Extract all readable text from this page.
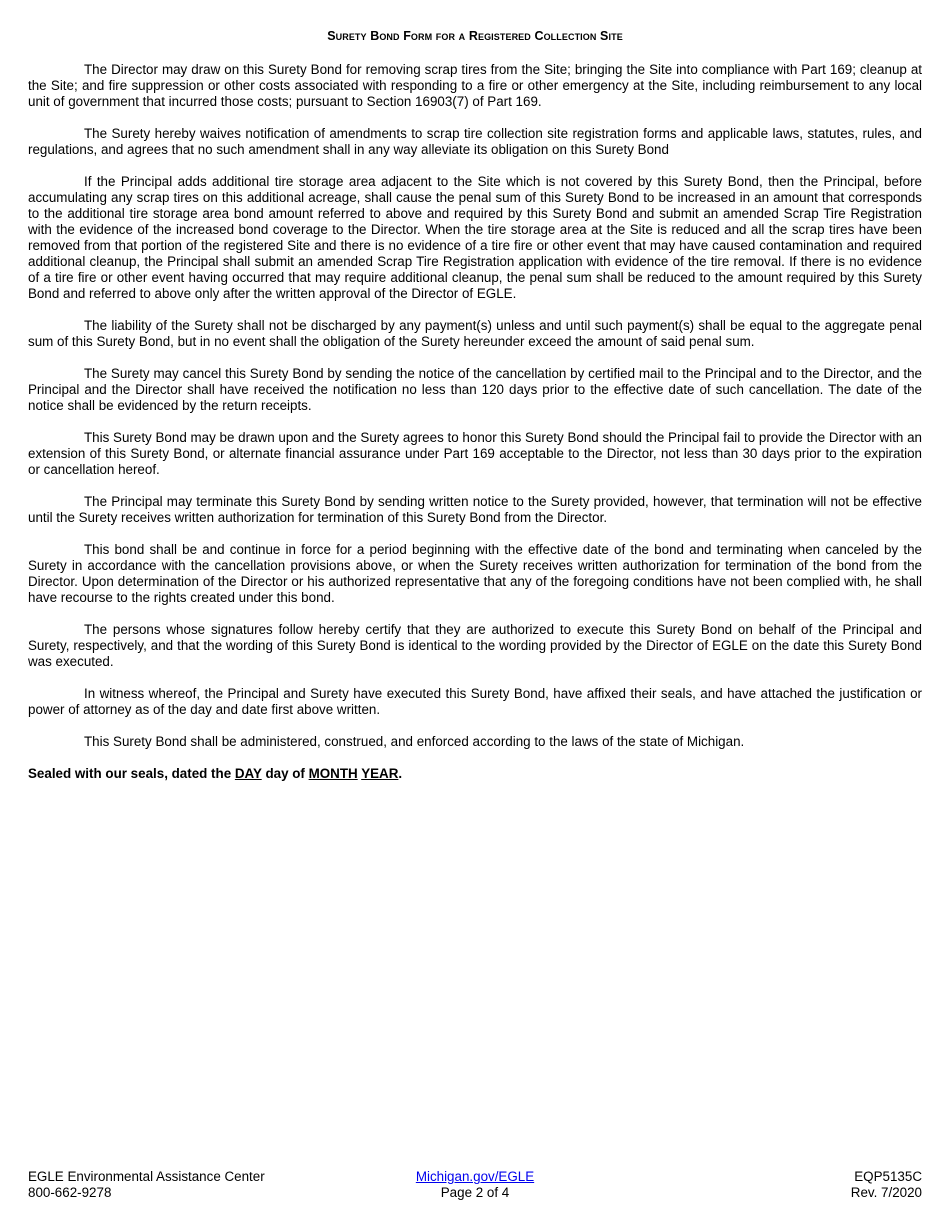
Surety Bond Form for a Registered Collection Site

The Director may draw on this Surety Bond for removing scrap tires from the Site; bringing the Site into compliance with Part 169; cleanup at the Site; and fire suppression or other costs associated with responding to a fire or other emergency at the Site, including reimbursement to any local unit of government that incurred those costs; pursuant to Section 16903(7) of Part 169.

The Surety hereby waives notification of amendments to scrap tire collection site registration forms and applicable laws, statutes, rules, and regulations, and agrees that no such amendment shall in any way alleviate its obligation on this Surety Bond

If the Principal adds additional tire storage area adjacent to the Site which is not covered by this Surety Bond, then the Principal, before accumulating any scrap tires on this additional acreage, shall cause the penal sum of this Surety Bond to be increased in an amount that corresponds to the additional tire storage area bond amount referred to above and required by this Surety Bond and submit an amended Scrap Tire Registration with the evidence of the increased bond coverage to the Director. When the tire storage area at the Site is reduced and all the scrap tires have been removed from that portion of the registered Site and there is no evidence of a tire fire or other event that may have caused contamination and required additional cleanup, the Principal shall submit an amended Scrap Tire Registration application with evidence of the tire removal. If there is no evidence of a tire fire or other event having occurred that may require additional cleanup, the penal sum shall be reduced to the amount required by this Surety Bond and referred to above only after the written approval of the Director of EGLE.

The liability of the Surety shall not be discharged by any payment(s) unless and until such payment(s) shall be equal to the aggregate penal sum of this Surety Bond, but in no event shall the obligation of the Surety hereunder exceed the amount of said penal sum.

The Surety may cancel this Surety Bond by sending the notice of the cancellation by certified mail to the Principal and to the Director, and the Principal and the Director shall have received the notification no less than 120 days prior to the effective date of such cancellation. The date of the notice shall be evidenced by the return receipts.

This Surety Bond may be drawn upon and the Surety agrees to honor this Surety Bond should the Principal fail to provide the Director with an extension of this Surety Bond, or alternate financial assurance under Part 169 acceptable to the Director, not less than 30 days prior to the expiration or cancellation hereof.

The Principal may terminate this Surety Bond by sending written notice to the Surety provided, however, that termination will not be effective until the Surety receives written authorization for termination of this Surety Bond from the Director.

This bond shall be and continue in force for a period beginning with the effective date of the bond and terminating when canceled by the Surety in accordance with the cancellation provisions above, or when the Surety receives written authorization for termination of the bond from the Director. Upon determination of the Director or his authorized representative that any of the foregoing conditions have not been complied with, he shall have recourse to the rights created under this bond.

The persons whose signatures follow hereby certify that they are authorized to execute this Surety Bond on behalf of the Principal and Surety, respectively, and that the wording of this Surety Bond is identical to the wording provided by the Director of EGLE on the date this Surety Bond was executed.

In witness whereof, the Principal and Surety have executed this Surety Bond, have affixed their seals, and have attached the justification or power of attorney as of the day and date first above written.

This Surety Bond shall be administered, construed, and enforced according to the laws of the state of Michigan.

Sealed with our seals, dated the DAY day of MONTH YEAR.

EGLE Environmental Assistance Center
800-662-9278
Michigan.gov/EGLE
Page 2 of 4
EQP5135C
Rev. 7/2020
